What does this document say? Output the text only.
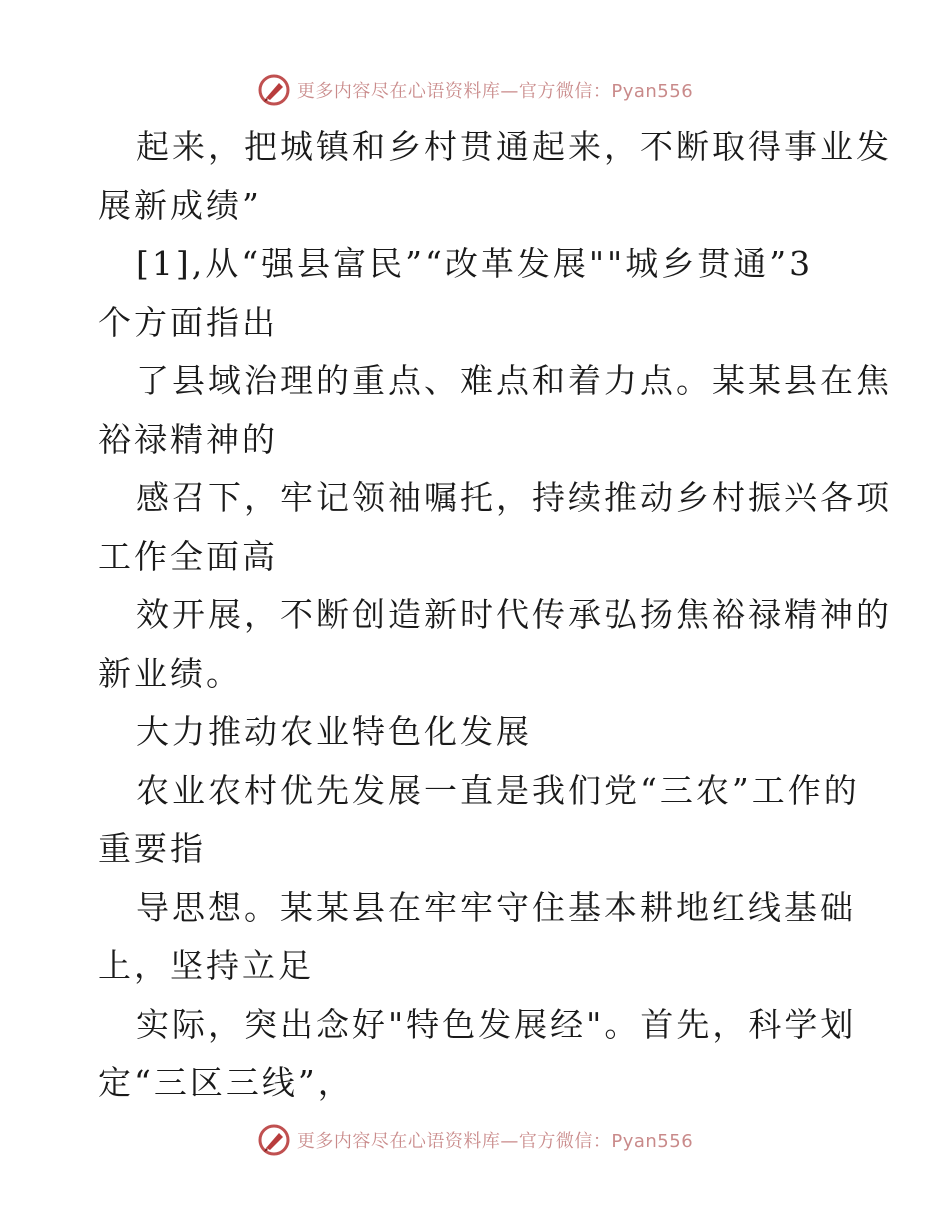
更多内容尽在心语资料库—官方微信：Pyan556
起来，把城镇和乡村贯通起来，不断取得事业发
展新成绩”
[1],从“强县富民”“改革发展""城乡贯通”3
个方面指出
了县域治理的重点、难点和着力点。某某县在焦
裕禄精神的
感召下，牢记领袖嘱托，持续推动乡村振兴各项
工作全面高
效开展，不断创造新时代传承弘扬焦裕禄精神的
新业绩。
大力推动农业特色化发展
农业农村优先发展一直是我们党“三农”工作的
重要指
导思想。某某县在牢牢守住基本耕地红线基础
上，坚持立足
实际，突出念好"特色发展经"。首先，科学划
定“三区三线”，
更多内容尽在心语资料库—官方微信：Pyan556
